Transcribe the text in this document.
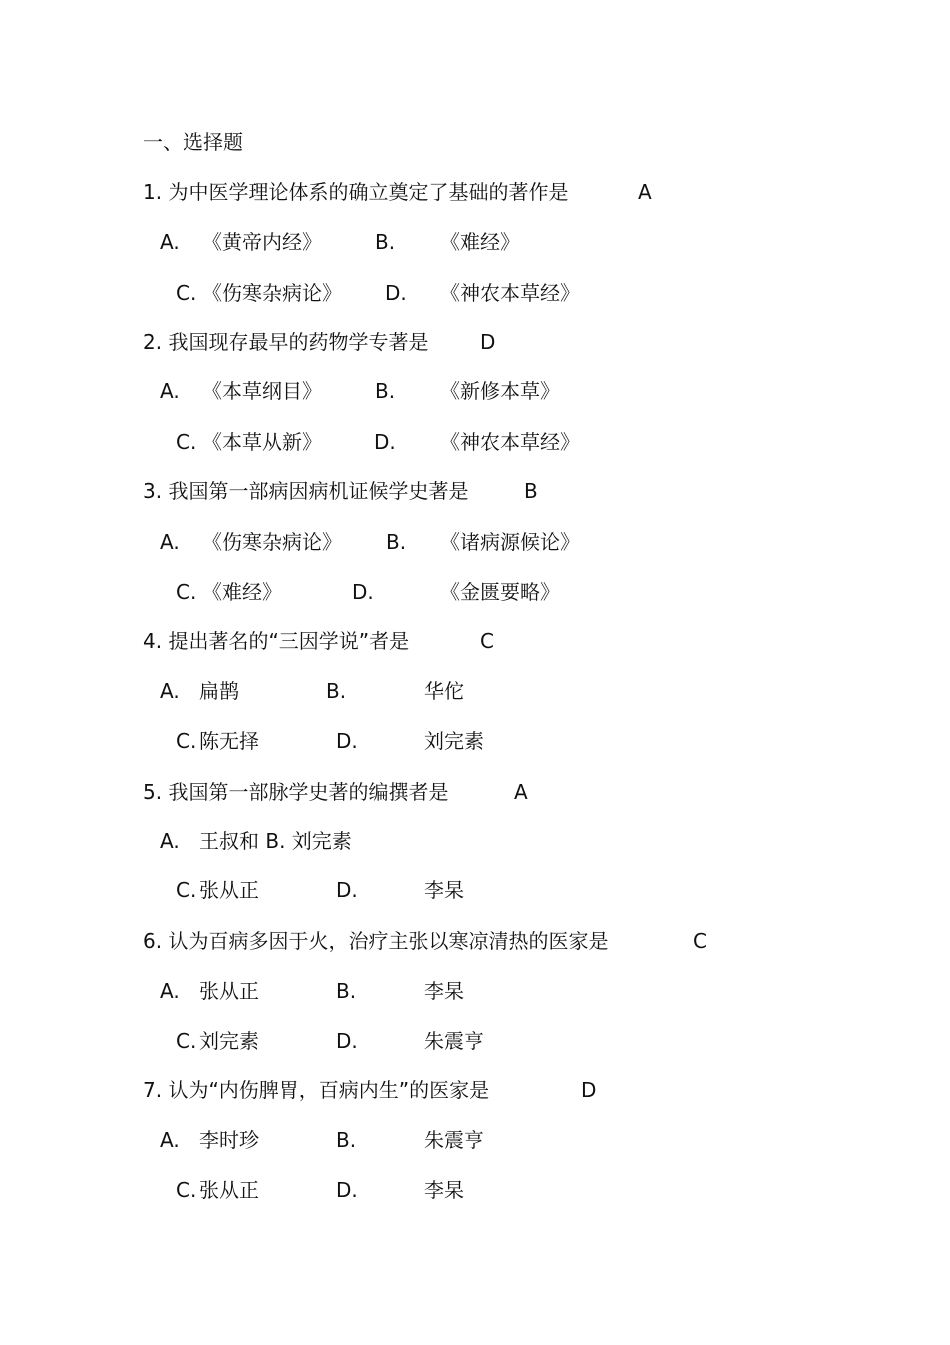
一、选择题
1. 为中医学理论体系的确立奠定了基础的著作是	A
A. 《黄帝内经》	B. 《难经》
C. 《伤寒杂病论》 D. 《神农本草经》
2. 我国现存最早的药物学专著是	D
A. 《本草纲目》	B. 《新修本草》
C. 《本草从新》	D. 《神农本草经》
3. 我国第一部病因病机证候学史著是	B
A. 《伤寒杂病论》 B. 《诸病源候论》
C. 《难经》	D.	《金匮要略》
4. 提出著名的“三因学说”者是	C
A. 扁鹊	B.	华佗
C. 陈无择	D.	刘完素
5. 我国第一部脉学史著的编撰者是	A
A. 王叔和 B. 刘完素
C. 张从正	D.	李杲
6. 认为百病多因于火，治疗主张以寒凉清热的医家是	C
A. 张从正	B.	李杲
C. 刘完素	D.	朱震亨
7. 认为“内伤脾胃，百病内生”的医家是	D
A. 李时珍	B.	朱震亨
C. 张从正	D.	李杲
